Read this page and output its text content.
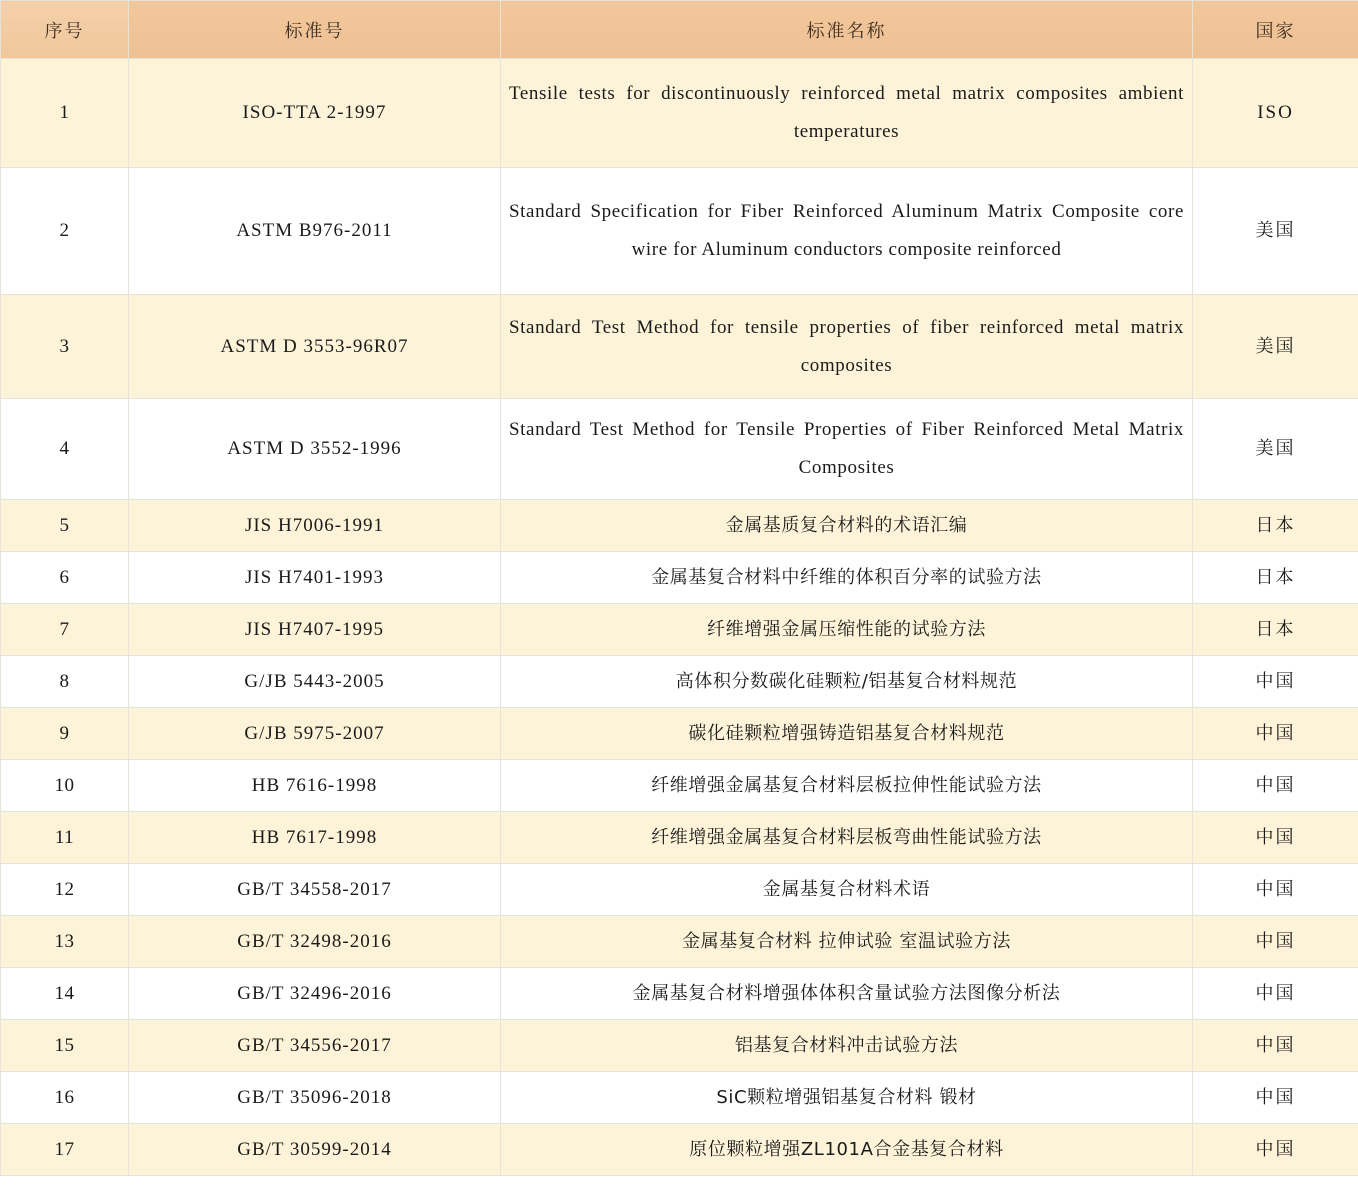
序号	标准号	标准名称	国家
1	ISO-TTA 2-1997	Tensile tests for discontinuously reinforced metal matrix composites ambient temperatures	ISO
2	ASTM B976-2011	Standard Specification for Fiber Reinforced Aluminum Matrix Composite core wire for Aluminum conductors composite reinforced	美国
3	ASTM D 3553-96R07	Standard Test Method for tensile properties of fiber reinforced metal matrix composites	美国
4	ASTM D 3552-1996	Standard Test Method for Tensile Properties of Fiber Reinforced Metal Matrix Composites	美国
5	JIS H7006-1991	金属基质复合材料的术语汇编	日本
6	JIS H7401-1993	金属基复合材料中纤维的体积百分率的试验方法	日本
7	JIS H7407-1995	纤维增强金属压缩性能的试验方法	日本
8	G/JB 5443-2005	高体积分数碳化硅颗粒/铝基复合材料规范	中国
9	G/JB 5975-2007	碳化硅颗粒增强铸造铝基复合材料规范	中国
10	HB 7616-1998	纤维增强金属基复合材料层板拉伸性能试验方法	中国
11	HB 7617-1998	纤维增强金属基复合材料层板弯曲性能试验方法	中国
12	GB/T 34558-2017	金属基复合材料术语	中国
13	GB/T 32498-2016	金属基复合材料 拉伸试验 室温试验方法	中国
14	GB/T 32496-2016	金属基复合材料增强体体积含量试验方法图像分析法	中国
15	GB/T 34556-2017	铝基复合材料冲击试验方法	中国
16	GB/T 35096-2018	SiC颗粒增强铝基复合材料 锻材	中国
17	GB/T 30599-2014	原位颗粒增强ZL101A合金基复合材料	中国
